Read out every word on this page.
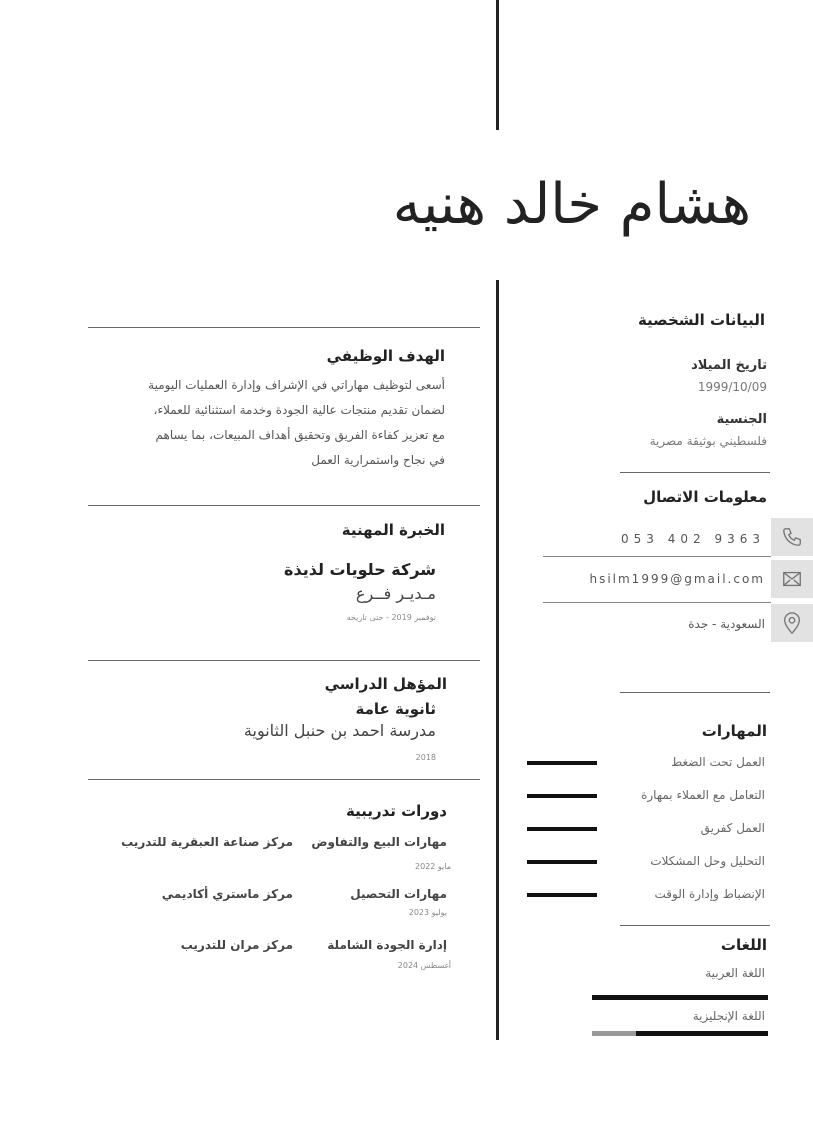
هشام خالد هنيه
البيانات الشخصية
تاريخ الميلاد
1999/10/09
الجنسية
فلسطيني بوثيقة مصرية
معلومات الاتصال
053 402 9363
hsilm1999@gmail.com
السعودية - جدة
المهارات
العمل تحت الضغط
التعامل مع العملاء بمهارة
العمل كفريق
التحليل وحل المشكلات
الإنضباط وإدارة الوقت
اللغات
اللغة العربية
اللغة الإنجليزية
الهدف الوظيفي

أسعى لتوظيف مهاراتي في الإشراف وإدارة العمليات اليومية

لضمان تقديم منتجات عالية الجودة وخدمة استثنائية للعملاء،

مع تعزيز كفاءة الفريق وتحقيق أهداف المبيعات، بما يساهم

في نجاح واستمرارية العمل

الخبرة المهنية
شركة حلويات لذيذة
مـديـر فــرع
نوفمبر 2019 - حتى تاريخه
المؤهل الدراسي
ثانوية عامة
مدرسة احمد بن حنبل الثانوية
2018
دورات تدريبية
مهارات البيع والتفاوض
مركز صناعة العبقرية للتدريب
مايو 2022
مهارات التحصيل
مركز ماستري أكاديمي
يوليو 2023
إدارة الجودة الشاملة
مركز مران للتدريب
أغسطس 2024
